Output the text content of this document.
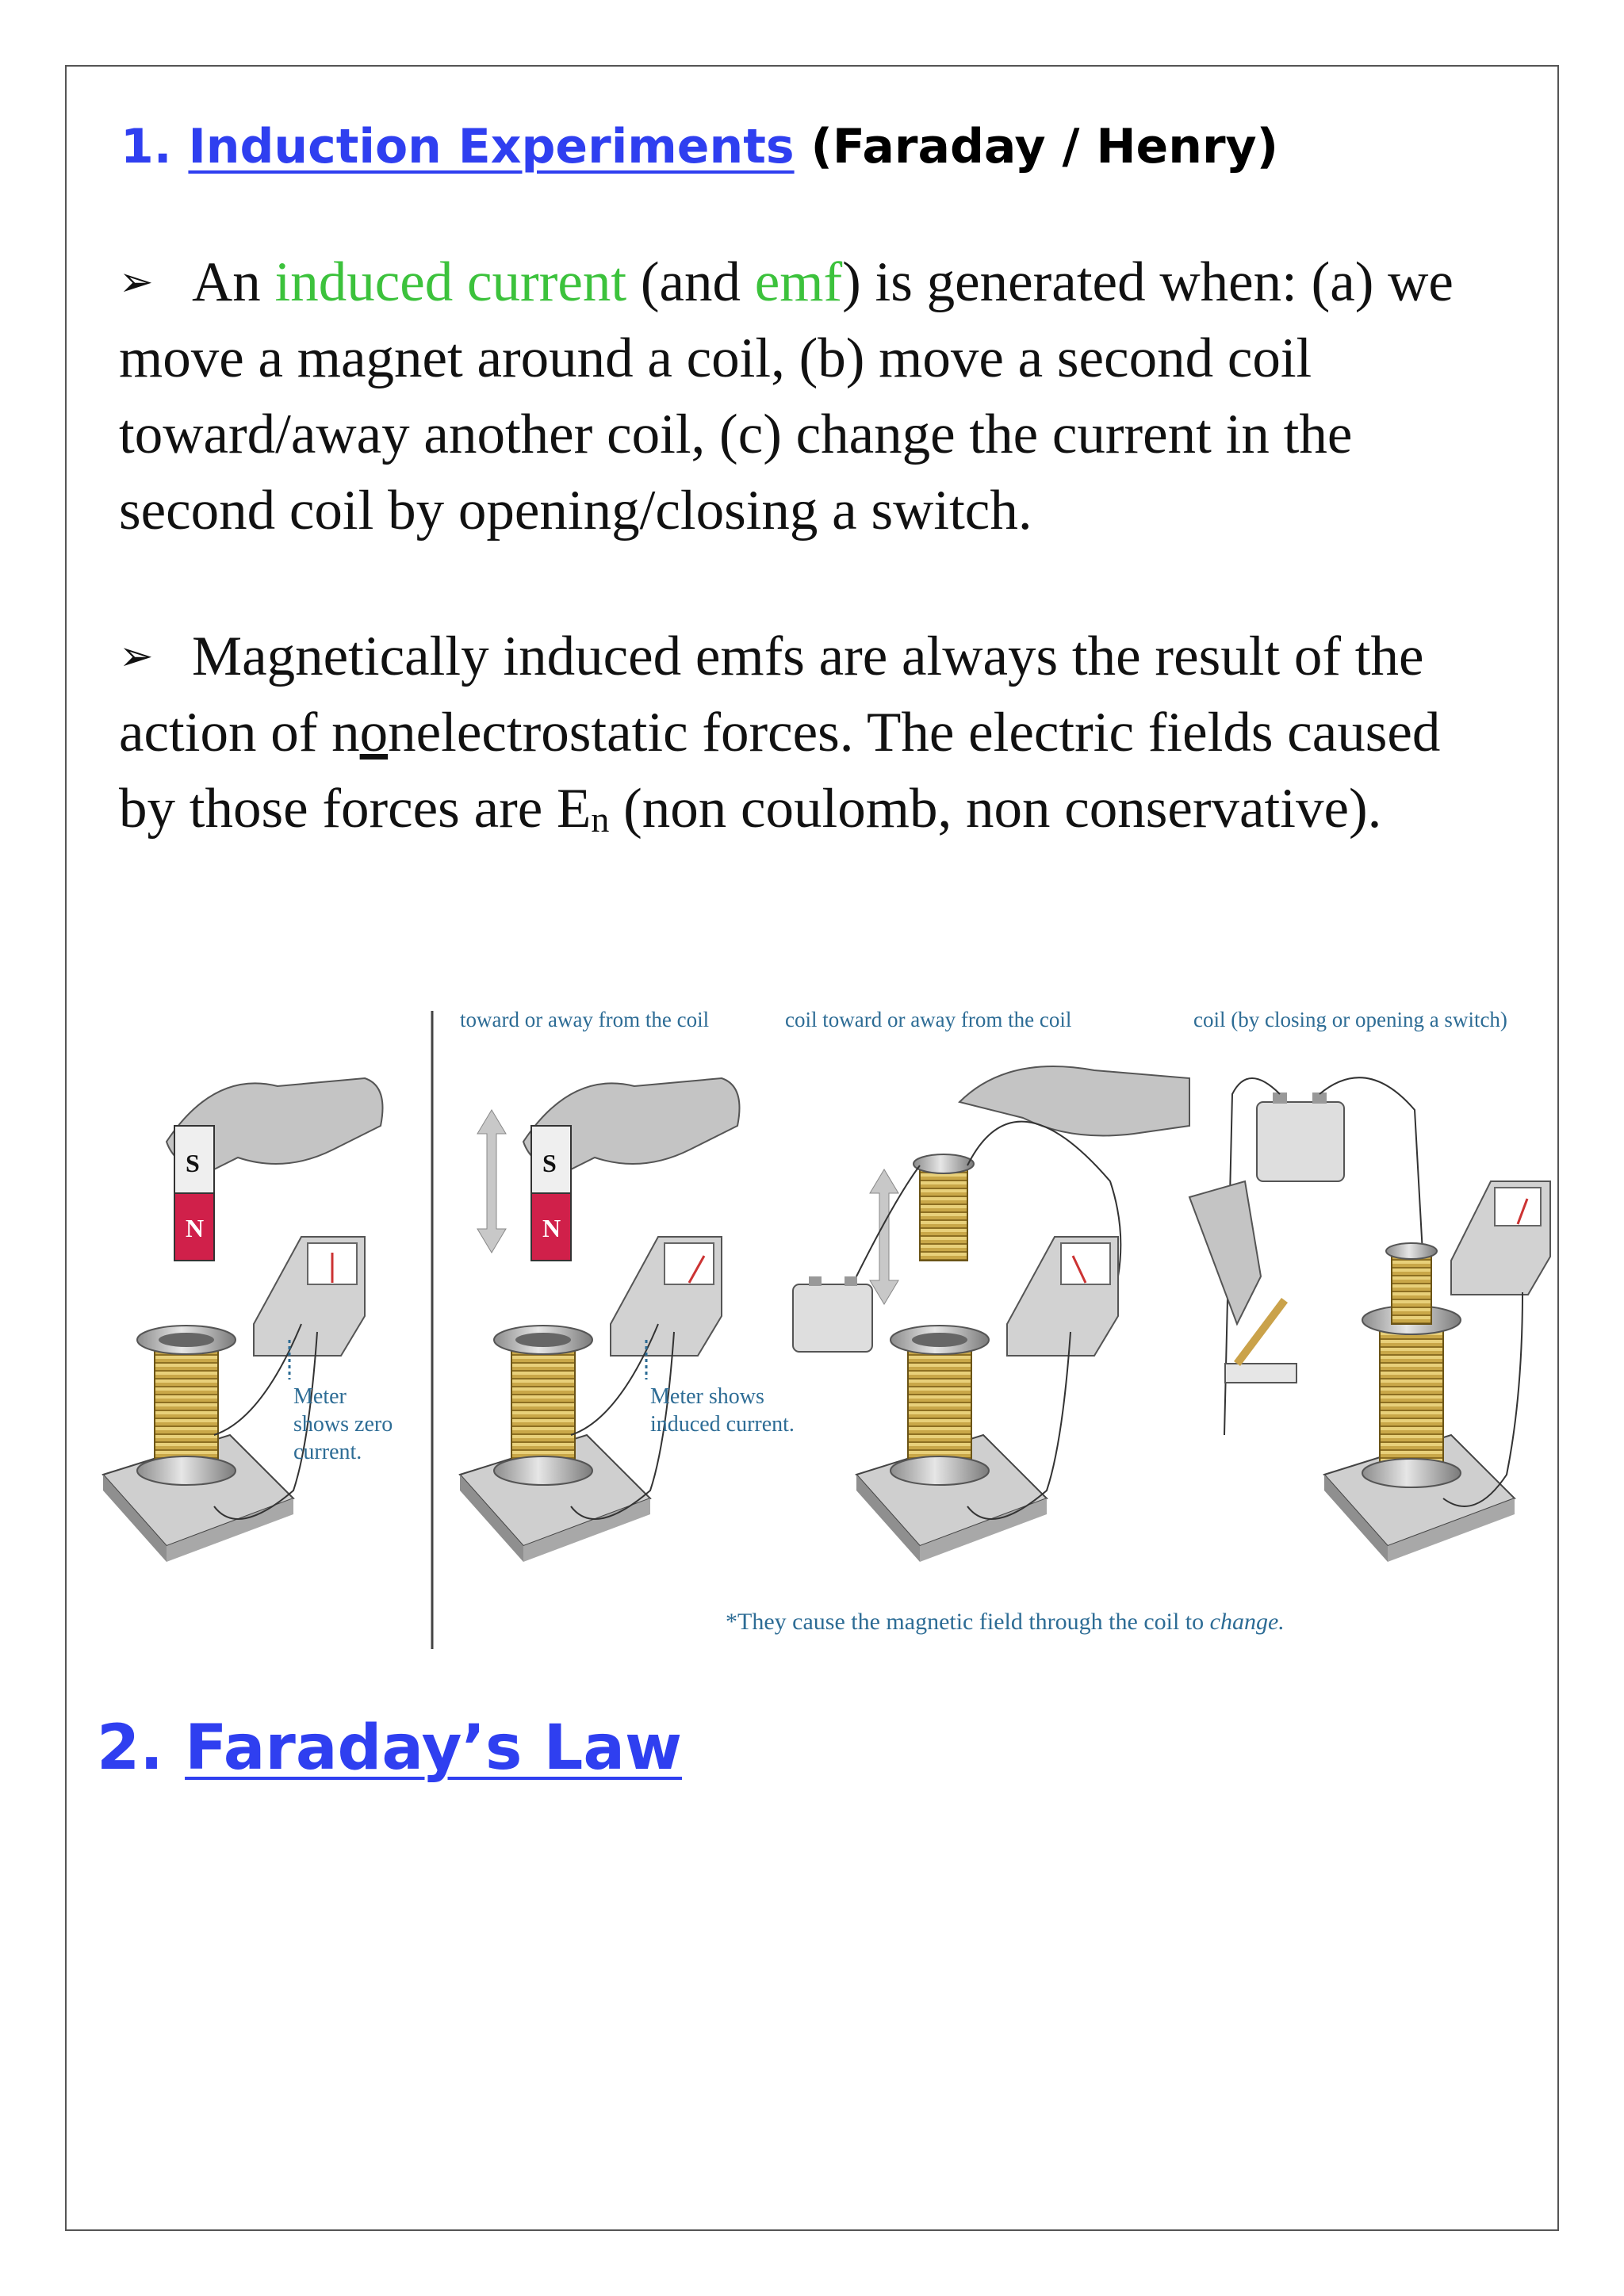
1. Induction Experiments (Faraday / Henry)
➢ An induced current (and emf) is generated when: (a) we move a magnet around a coil, (b) move a second coil toward/away another coil, (c) change the current in the second coil by opening/closing a switch.
➢ Magnetically induced emfs are always the result of the action of nonelectrostatic forces. The electric fields caused by those forces are $E_n$ (non coulomb, non conservative).
toward or away from the coil	coil toward or away from the coil	coil (by closing or opening a switch)
S
N
Meter
shows zero
current.
S
N
Meter shows
induced current.
*They cause the magnetic field through the coil to change.
2. Faraday’s Law
